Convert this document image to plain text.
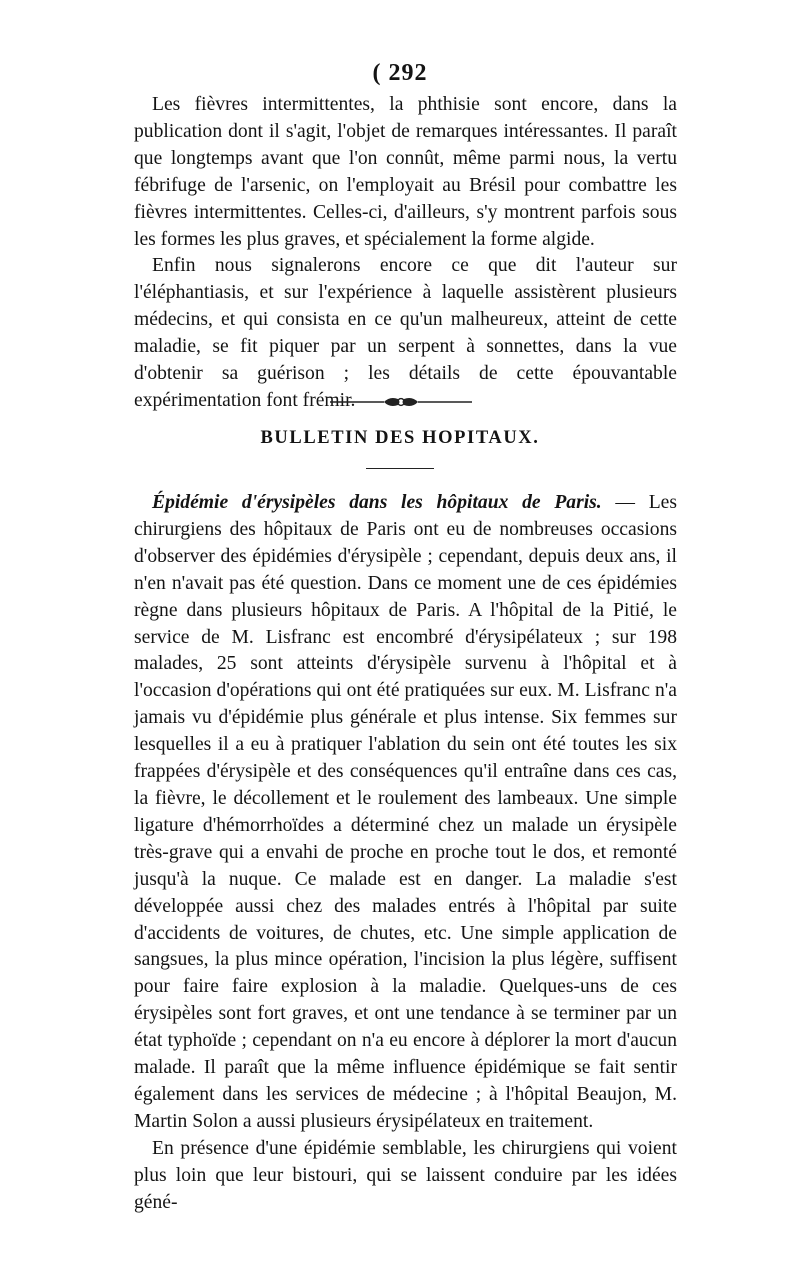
( 292

Les fièvres intermittentes, la phthisie sont encore, dans la publication dont il s'agit, l'objet de remarques intéressantes. Il paraît que longtemps avant que l'on connût, même parmi nous, la vertu fébrifuge de l'arsenic, on l'employait au Brésil pour combattre les fièvres intermittentes. Celles-ci, d'ailleurs, s'y montrent parfois sous les formes les plus graves, et spécialement la forme algide.

Enfin nous signalerons encore ce que dit l'auteur sur l'éléphantiasis, et sur l'expérience à laquelle assistèrent plusieurs médecins, et qui consista en ce qu'un malheureux, atteint de cette maladie, se fit piquer par un serpent à sonnettes, dans la vue d'obtenir sa guérison ; les détails de cette épouvantable expérimentation font frémir.

BULLETIN DES HOPITAUX.

Épidémie d'érysipèles dans les hôpitaux de Paris. — Les chirurgiens des hôpitaux de Paris ont eu de nombreuses occasions d'observer des épidémies d'érysipèle ; cependant, depuis deux ans, il n'en n'avait pas été question. Dans ce moment une de ces épidémies règne dans plusieurs hôpitaux de Paris. A l'hôpital de la Pitié, le service de M. Lisfranc est encombré d'érysipélateux ; sur 198 malades, 25 sont atteints d'érysipèle survenu à l'hôpital et à l'occasion d'opérations qui ont été pratiquées sur eux. M. Lisfranc n'a jamais vu d'épidémie plus générale et plus intense. Six femmes sur lesquelles il a eu à pratiquer l'ablation du sein ont été toutes les six frappées d'érysipèle et des conséquences qu'il entraîne dans ces cas, la fièvre, le décollement et le roulement des lambeaux. Une simple ligature d'hémorrhoïdes a déterminé chez un malade un érysipèle très-grave qui a envahi de proche en proche tout le dos, et remonté jusqu'à la nuque. Ce malade est en danger. La maladie s'est développée aussi chez des malades entrés à l'hôpital par suite d'accidents de voitures, de chutes, etc. Une simple application de sangsues, la plus mince opération, l'incision la plus légère, suffisent pour faire faire explosion à la maladie. Quelques-uns de ces érysipèles sont fort graves, et ont une tendance à se terminer par un état typhoïde ; cependant on n'a eu encore à déplorer la mort d'aucun malade. Il paraît que la même influence épidémique se fait sentir également dans les services de médecine ; à l'hôpital Beaujon, M. Martin Solon a aussi plusieurs érysipélateux en traitement.

En présence d'une épidémie semblable, les chirurgiens qui voient plus loin que leur bistouri, qui se laissent conduire par les idées géné-
